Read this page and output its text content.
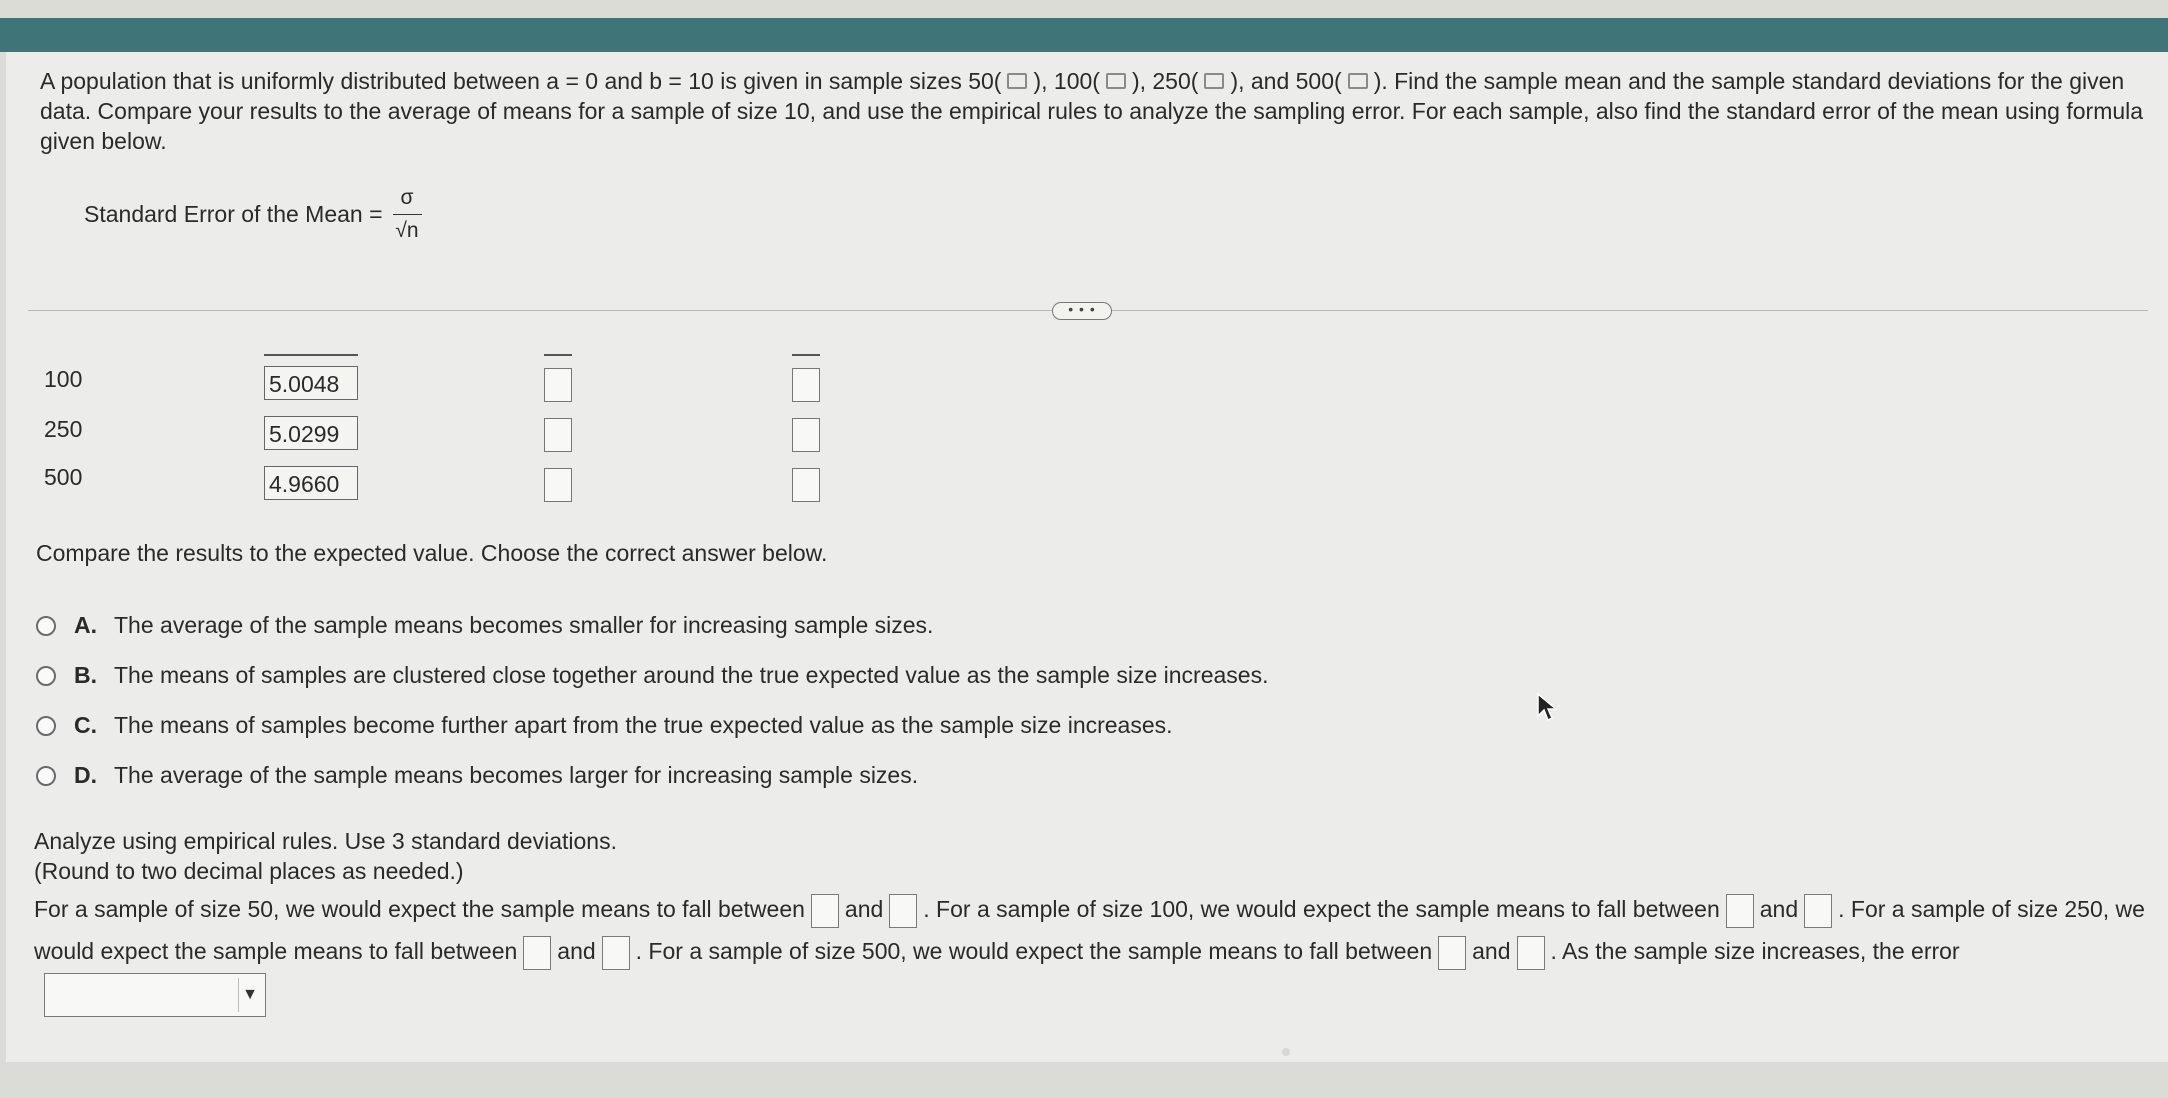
A population that is uniformly distributed between a = 0 and b = 10 is given in sample sizes 50( ), 100( ), 250( ), and 500( ). Find the sample mean and the sample standard deviations for the given data. Compare your results to the average of means for a sample of size 10, and use the empirical rules to analyze the sampling error. For each sample, also find the standard error of the mean using formula given below.
Standard Error of the Mean = $\frac{\sigma}{√n}$
• • •
100	5.0048
250	5.0299
500	4.9660
Compare the results to the expected value. Choose the correct answer below.
A. The average of the sample means becomes smaller for increasing sample sizes.
B. The means of samples are clustered close together around the true expected value as the sample size increases.
C. The means of samples become further apart from the true expected value as the sample size increases.
D. The average of the sample means becomes larger for increasing sample sizes.
Analyze using empirical rules. Use 3 standard deviations.
(Round to two decimal places as needed.)
For a sample of size 50, we would expect the sample means to fall between and . For a sample of size 100, we would expect the sample means to fall between and . For a sample of size 250, we would expect the sample means to fall between and . For a sample of size 500, we would expect the sample means to fall between and . As the sample size increases, the error
▼
